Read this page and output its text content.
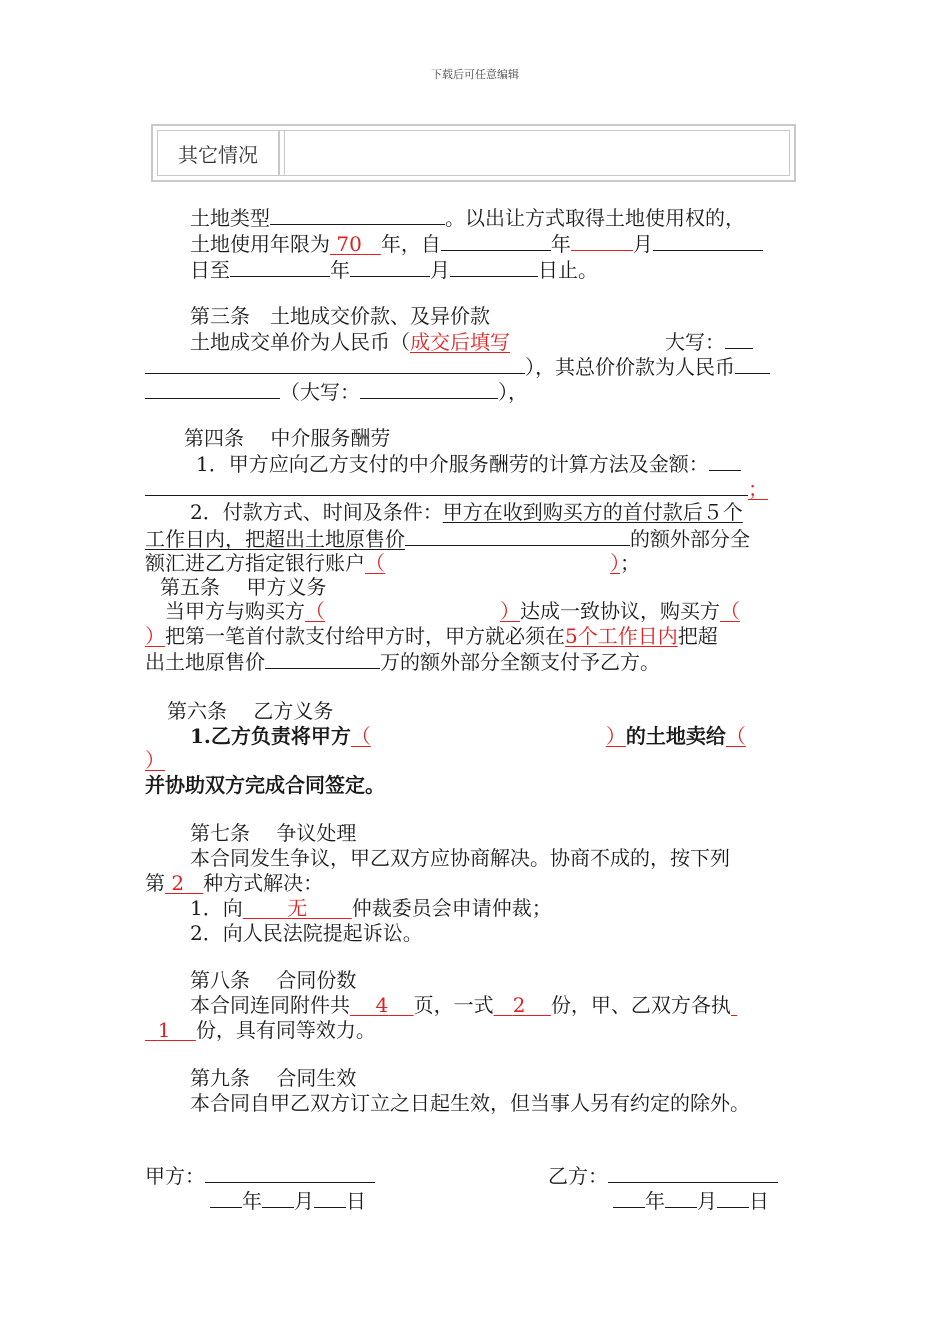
下载后可任意编辑
其它情况
土地类型	。以出让方式取得土地使用权的，
土地使用年限为 70 年，自	年	月
日至	年	月	日止。
第三条　土地成交价款、及异价款
土地成交单价为人民币（成交后填写	大写：
），其总价价款为人民币
（大写：	），
第四条　 中介服务酬劳
1．甲方应向乙方支付的中介服务酬劳的计算方法及金额：
；
2．付款方式、时间及条件：甲方在收到购买方的首付款后５个
工作日内，把超出土地原售价	的额外部分全
额汇进乙方指定银行账户（	）；
第五条　 甲方义务
当甲方与购买方（	）达成一致协议，购买方（
）把第一笔首付款支付给甲方时，甲方就必须在5个工作日内把超
出土地原售价	万的额外部分全额支付予乙方。
第六条　 乙方义务
1.乙方负责将甲方（	）的土地卖给（
）
并协助双方完成合同签定。
第七条　 争议处理
本合同发生争议，甲乙双方应协商解决。协商不成的，按下列
第 2 种方式解决：
1．向 无 仲裁委员会申请仲裁；
2．向人民法院提起诉讼。
第八条　 合同份数
本合同连同附件共 4 页，一式 2 份，甲、乙双方各执
1 份，具有同等效力。
第九条　 合同生效
本合同自甲乙双方订立之日起生效，但当事人另有约定的除外。
甲方：
年 月 日
乙方：
年 月 日
